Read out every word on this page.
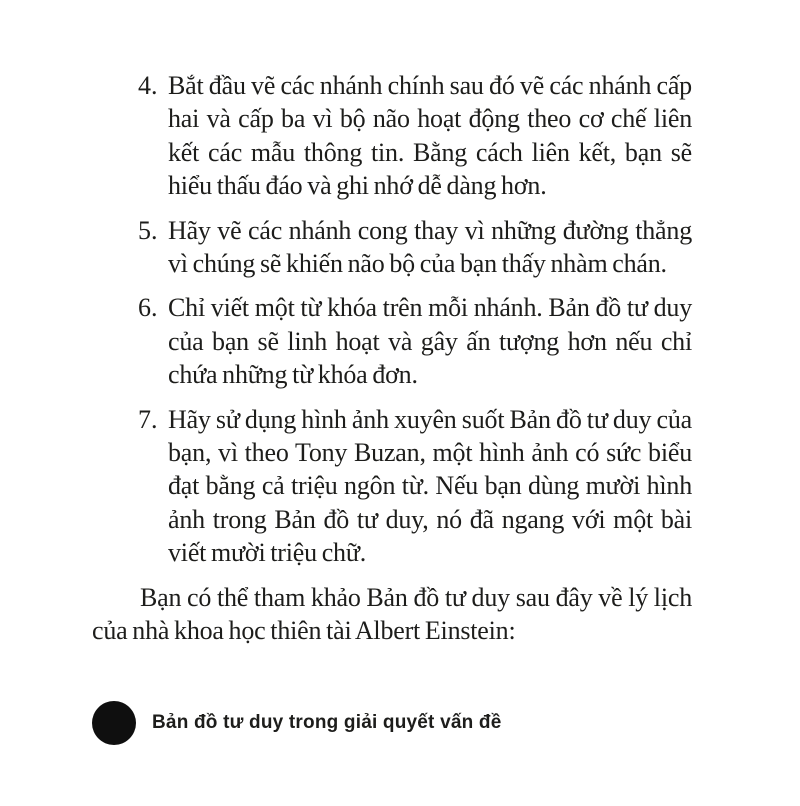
4. Bắt đầu vẽ các nhánh chính sau đó vẽ các nhánh cấp hai và cấp ba vì bộ não hoạt động theo cơ chế liên kết các mẫu thông tin. Bằng cách liên kết, bạn sẽ hiểu thấu đáo và ghi nhớ dễ dàng hơn.
5. Hãy vẽ các nhánh cong thay vì những đường thẳng vì chúng sẽ khiến não bộ của bạn thấy nhàm chán.
6. Chỉ viết một từ khóa trên mỗi nhánh. Bản đồ tư duy của bạn sẽ linh hoạt và gây ấn tượng hơn nếu chỉ chứa những từ khóa đơn.
7. Hãy sử dụng hình ảnh xuyên suốt Bản đồ tư duy của bạn, vì theo Tony Buzan, một hình ảnh có sức biểu đạt bằng cả triệu ngôn từ. Nếu bạn dùng mười hình ảnh trong Bản đồ tư duy, nó đã ngang với một bài viết mười triệu chữ.

Bạn có thể tham khảo Bản đồ tư duy sau đây về lý lịch của nhà khoa học thiên tài Albert Einstein:

Bản đồ tư duy trong giải quyết vấn đề
